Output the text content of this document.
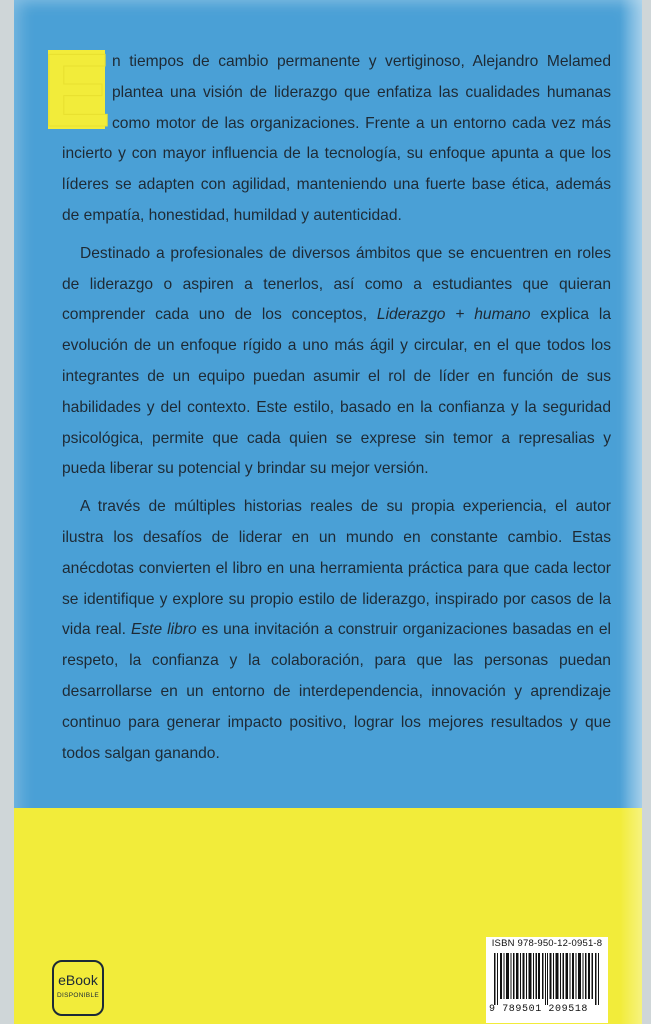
E n tiempos de cambio permanente y vertiginoso, Alejandro Melamed plantea una visión de liderazgo que enfatiza las cualidades humanas como motor de las organizaciones. Frente a un entorno cada vez más incierto y con mayor influencia de la tecnología, su enfoque apunta a que los líderes se adapten con agilidad, manteniendo una fuerte base ética, además de empatía, honestidad, humildad y autenticidad.

Destinado a profesionales de diversos ámbitos que se encuentren en roles de liderazgo o aspiren a tenerlos, así como a estudiantes que quieran comprender cada uno de los conceptos, Liderazgo + humano explica la evolución de un enfoque rígido a uno más ágil y circular, en el que todos los integrantes de un equipo puedan asumir el rol de líder en función de sus habilidades y del contexto. Este estilo, basado en la confianza y la seguridad psicológica, permite que cada quien se exprese sin temor a represalias y pueda liberar su potencial y brindar su mejor versión.

A través de múltiples historias reales de su propia experiencia, el autor ilustra los desafíos de liderar en un mundo en constante cambio. Estas anécdotas convierten el libro en una herramienta práctica para que cada lector se identifique y explore su propio estilo de liderazgo, inspirado por casos de la vida real. Este libro es una invitación a construir organizaciones basadas en el respeto, la confianza y la colaboración, para que las personas puedan desarrollarse en un entorno de interdependencia, innovación y aprendizaje continuo para generar impacto positivo, lograr los mejores resultados y que todos salgan ganando.

eBook
DISPONIBLE
ISBN 978-950-12-0951-8
9 789501 209518
